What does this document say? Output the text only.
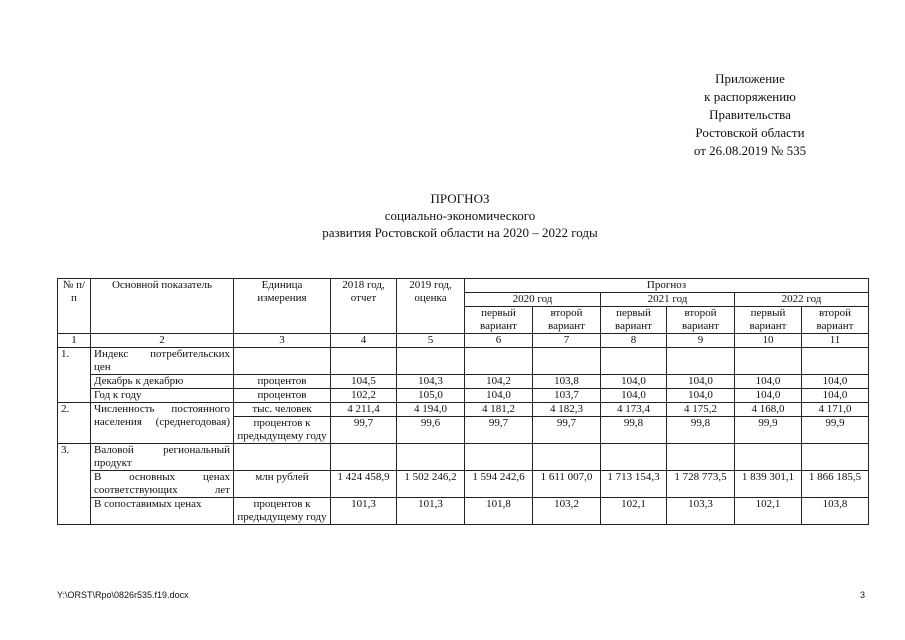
Приложение
к распоряжению
Правительства
Ростовской области
от 26.08.2019 № 535
ПРОГНОЗ
социально-экономического
развития Ростовской области на 2020 – 2022 годы
№ п/п	Основной показатель	Единица измерения	2018 год, отчет	2019 год, оценка	Прогноз					
					2020 год		2021 год		2022 год	
					первый вариант	второй вариант	первый вариант	второй вариант	первый вариант	второй вариант
1	2	3	4	5	6	7	8	9	10	11
1.	Индекс потребительских цен									
	Декабрь к декабрю	процентов	104,5	104,3	104,2	103,8	104,0	104,0	104,0	104,0
	Год к году	процентов	102,2	105,0	104,0	103,7	104,0	104,0	104,0	104,0
2.	Численность постоянного населения (среднегодовая)	тыс. человек	4 211,4	4 194,0	4 181,2	4 182,3	4 173,4	4 175,2	4 168,0	4 171,0
		процентов к предыдущему году	99,7	99,6	99,7	99,7	99,8	99,8	99,9	99,9
3.	Валовой региональный продукт									
	В основных ценах соответствующих лет	млн рублей	1 424 458,9	1 502 246,2	1 594 242,6	1 611 007,0	1 713 154,3	1 728 773,5	1 839 301,1	1 866 185,5
	В сопоставимых ценах	процентов к предыдущему году	101,3	101,3	101,8	103,2	102,1	103,3	102,1	103,8
Y:\ORST\Rpo\0826r535.f19.docx	3
